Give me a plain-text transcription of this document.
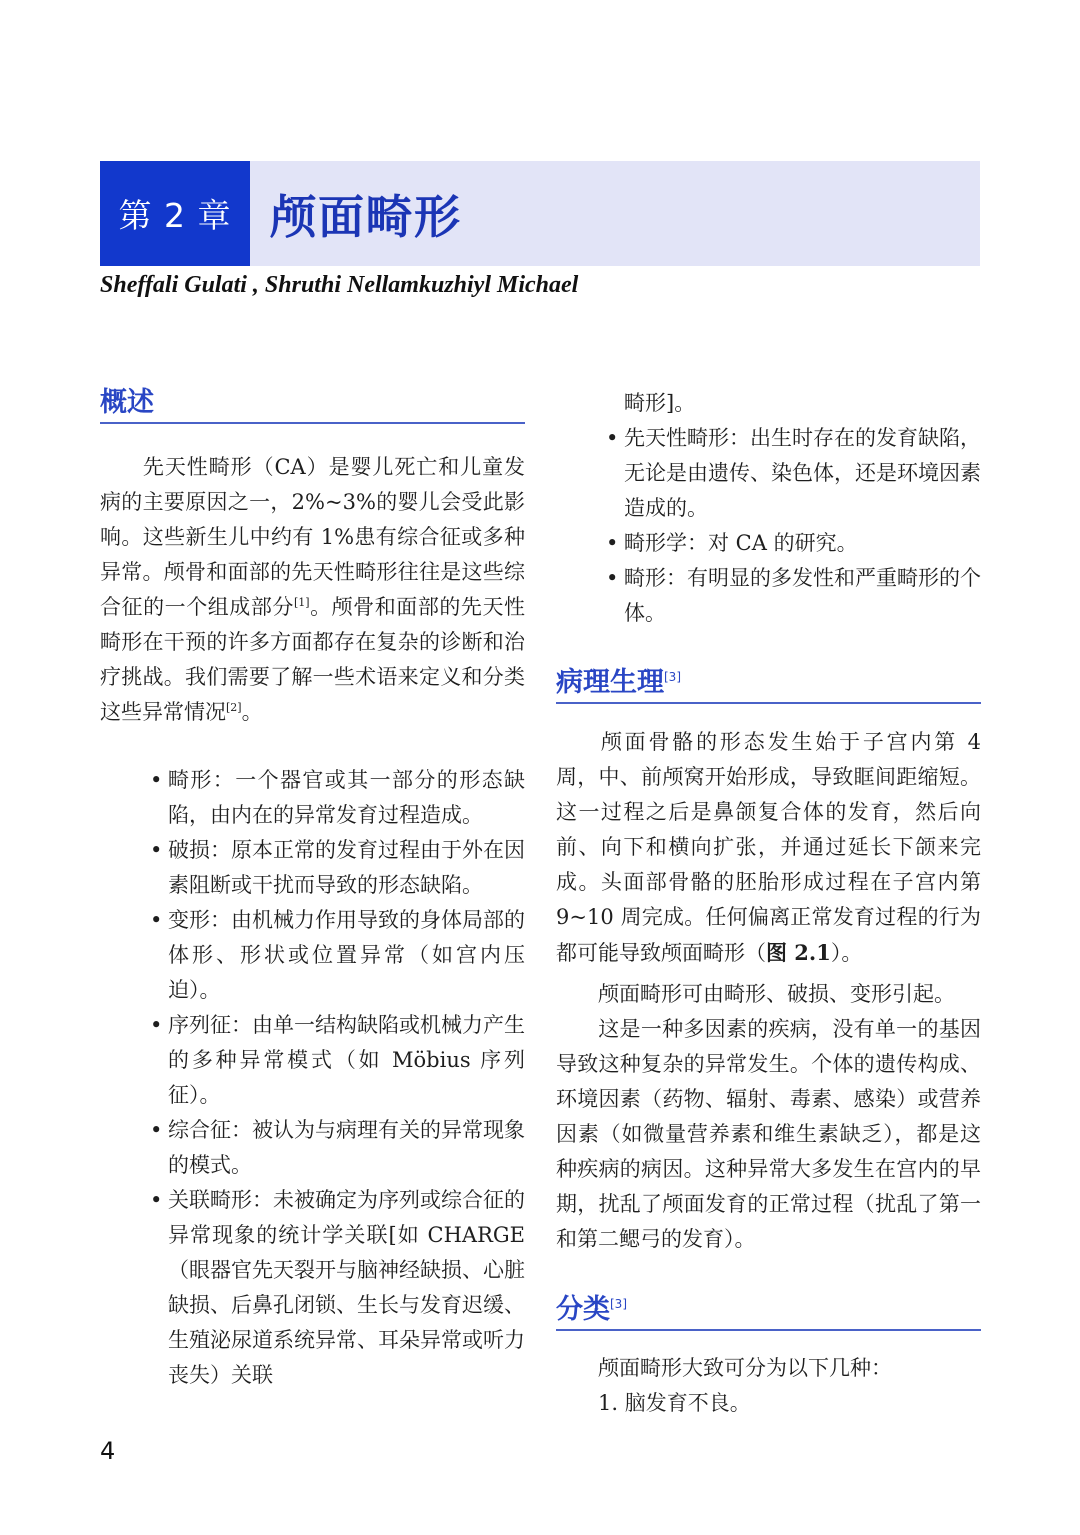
第 2 章 颅面畸形
Sheffali Gulati , Shruthi Nellamkuzhiyl Michael
概述
先天性畸形（CA）是婴儿死亡和儿童发病的主要原因之一，2%~3%的婴儿会受此影响。这些新生儿中约有 1%患有综合征或多种异常。颅骨和面部的先天性畸形往往是这些综合征的一个组成部分[1]。颅骨和面部的先天性畸形在干预的许多方面都存在复杂的诊断和治疗挑战。我们需要了解一些术语来定义和分类这些异常情况[2]。
• 畸形：一个器官或其一部分的形态缺陷，由内在的异常发育过程造成。
• 破损：原本正常的发育过程由于外在因素阻断或干扰而导致的形态缺陷。
• 变形：由机械力作用导致的身体局部的体形、形状或位置异常（如宫内压迫）。
• 序列征：由单一结构缺陷或机械力产生的多种异常模式（如 Möbius 序列征）。
• 综合征：被认为与病理有关的异常现象的模式。
• 关联畸形：未被确定为序列或综合征的异常现象的统计学关联[如 CHARGE（眼器官先天裂开与脑神经缺损、心脏缺损、后鼻孔闭锁、生长与发育迟缓、生殖泌尿道系统异常、耳朵异常或听力丧失）关联
畸形]。
• 先天性畸形：出生时存在的发育缺陷，无论是由遗传、染色体，还是环境因素造成的。
• 畸形学：对 CA 的研究。
• 畸形：有明显的多发性和严重畸形的个体。
病理生理[3]
颅面骨骼的形态发生始于子宫内第 4 周，中、前颅窝开始形成，导致眶间距缩短。这一过程之后是鼻颌复合体的发育，然后向前、向下和横向扩张，并通过延长下颌来完成。头面部骨骼的胚胎形成过程在子宫内第 9~10 周完成。任何偏离正常发育过程的行为都可能导致颅面畸形（图 2.1）。
颅面畸形可由畸形、破损、变形引起。
这是一种多因素的疾病，没有单一的基因导致这种复杂的异常发生。个体的遗传构成、环境因素（药物、辐射、毒素、感染）或营养因素（如微量营养素和维生素缺乏），都是这种疾病的病因。这种异常大多发生在宫内的早期，扰乱了颅面发育的正常过程（扰乱了第一和第二鳃弓的发育）。
分类[3]
颅面畸形大致可分为以下几种：
1. 脑发育不良。
4
